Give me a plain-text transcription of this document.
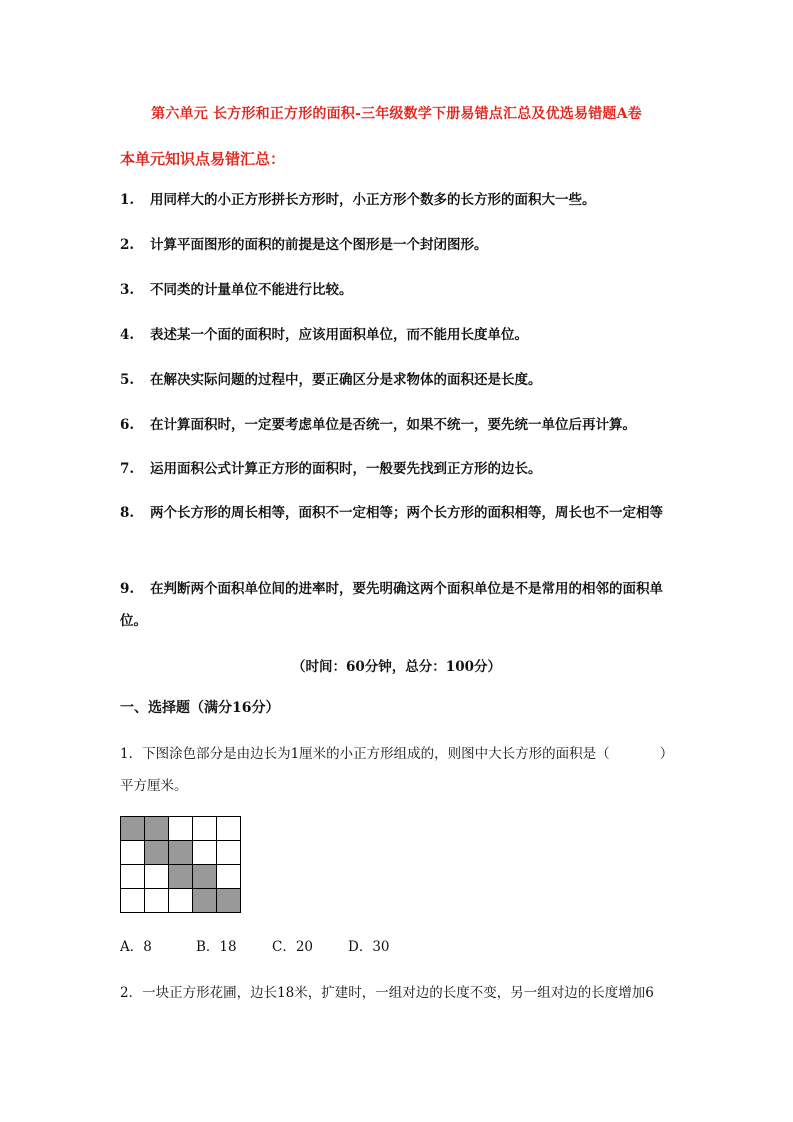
第六单元 长方形和正方形的面积-三年级数学下册易错点汇总及优选易错题A卷
本单元知识点易错汇总：
1. 用同样大的小正方形拼长方形时，小正方形个数多的长方形的面积大一些。
2. 计算平面图形的面积的前提是这个图形是一个封闭图形。
3. 不同类的计量单位不能进行比较。
4. 表述某一个面的面积时，应该用面积单位，而不能用长度单位。
5. 在解决实际问题的过程中，要正确区分是求物体的面积还是长度。
6. 在计算面积时，一定要考虑单位是否统一，如果不统一，要先统一单位后再计算。
7. 运用面积公式计算正方形的面积时，一般要先找到正方形的边长。
8. 两个长方形的周长相等，面积不一定相等；两个长方形的面积相等，周长也不一定相等
9. 在判断两个面积单位间的进率时，要先明确这两个面积单位是不是常用的相邻的面积单位。
（时间：60分钟，总分：100分）
一、选择题（满分16分）
1．下图涂色部分是由边长为1厘米的小正方形组成的，则图中大长方形的面积是（	）
平方厘米。
A．8	B．18	C．20	D．30
2．一块正方形花圃，边长18米，扩建时，一组对边的长度不变，另一组对边的长度增加6
